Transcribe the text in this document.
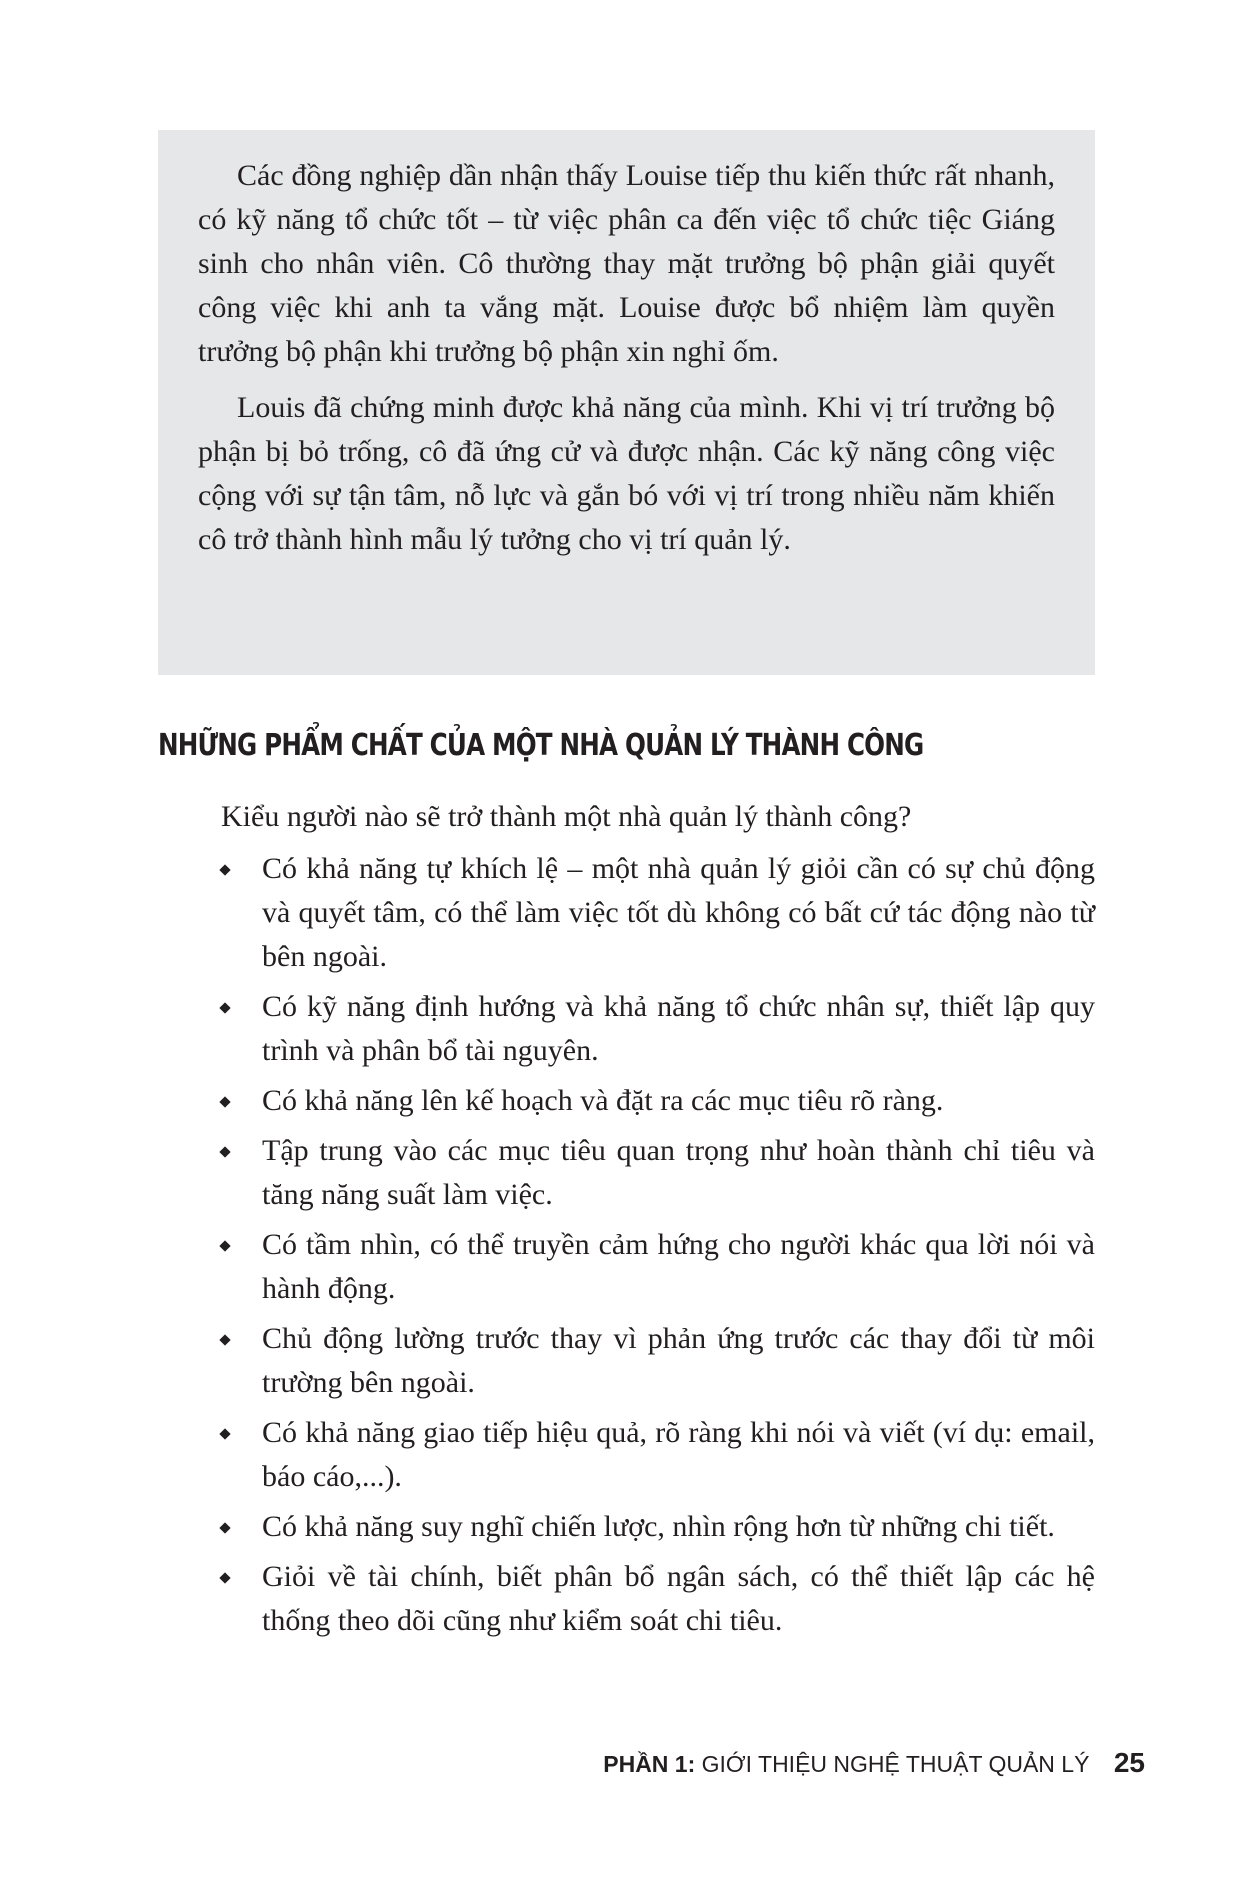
Các đồng nghiệp dần nhận thấy Louise tiếp thu kiến thức rất nhanh, có kỹ năng tổ chức tốt – từ việc phân ca đến việc tổ chức tiệc Giáng sinh cho nhân viên. Cô thường thay mặt trưởng bộ phận giải quyết công việc khi anh ta vắng mặt. Louise được bổ nhiệm làm quyền trưởng bộ phận khi trưởng bộ phận xin nghỉ ốm.

Louis đã chứng minh được khả năng của mình. Khi vị trí trưởng bộ phận bị bỏ trống, cô đã ứng cử và được nhận. Các kỹ năng công việc cộng với sự tận tâm, nỗ lực và gắn bó với vị trí trong nhiều năm khiến cô trở thành hình mẫu lý tưởng cho vị trí quản lý.

NHỮNG PHẨM CHẤT CỦA MỘT NHÀ QUẢN LÝ THÀNH CÔNG

Kiểu người nào sẽ trở thành một nhà quản lý thành công?

Có khả năng tự khích lệ – một nhà quản lý giỏi cần có sự chủ động và quyết tâm, có thể làm việc tốt dù không có bất cứ tác động nào từ bên ngoài.
Có kỹ năng định hướng và khả năng tổ chức nhân sự, thiết lập quy trình và phân bổ tài nguyên.
Có khả năng lên kế hoạch và đặt ra các mục tiêu rõ ràng.
Tập trung vào các mục tiêu quan trọng như hoàn thành chỉ tiêu và tăng năng suất làm việc.
Có tầm nhìn, có thể truyền cảm hứng cho người khác qua lời nói và hành động.
Chủ động lường trước thay vì phản ứng trước các thay đổi từ môi trường bên ngoài.
Có khả năng giao tiếp hiệu quả, rõ ràng khi nói và viết (ví dụ: email, báo cáo,...).
Có khả năng suy nghĩ chiến lược, nhìn rộng hơn từ những chi tiết.
Giỏi về tài chính, biết phân bổ ngân sách, có thể thiết lập các hệ thống theo dõi cũng như kiểm soát chi tiêu.
PHẦN 1: GIỚI THIỆU NGHỆ THUẬT QUẢN LÝ 25
